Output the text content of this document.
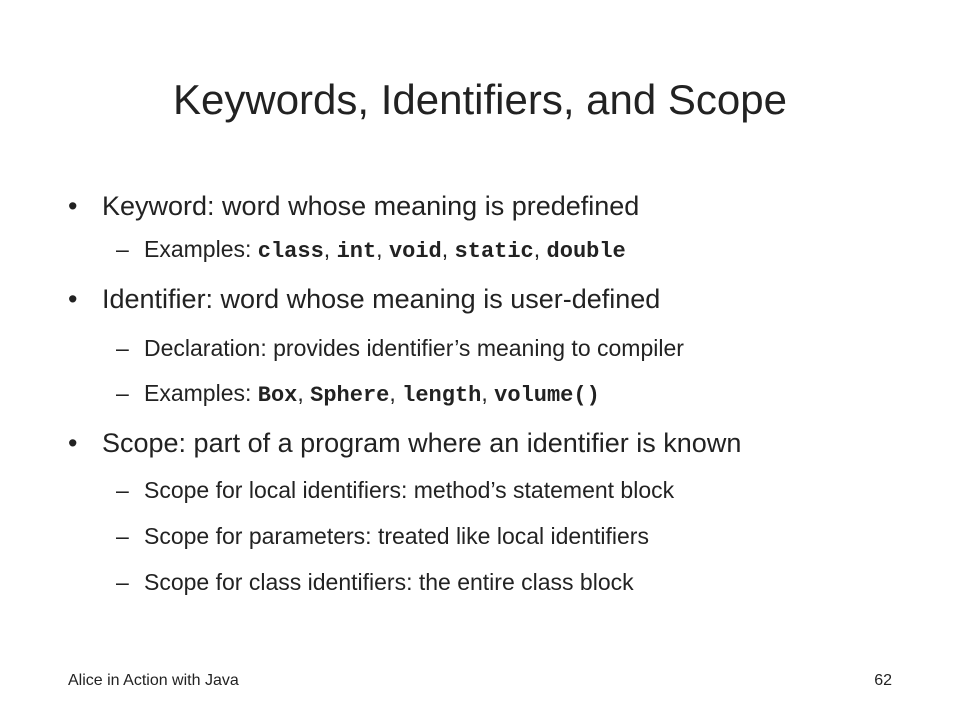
Keywords, Identifiers, and Scope
• Keyword: word whose meaning is predefined
– Examples: class, int, void, static, double
• Identifier: word whose meaning is user-defined
– Declaration: provides identifier’s meaning to compiler
– Examples: Box, Sphere, length, volume()
• Scope: part of a program where an identifier is known
– Scope for local identifiers: method’s statement block
– Scope for parameters: treated like local identifiers
– Scope for class identifiers: the entire class block
Alice in Action with Java	62
